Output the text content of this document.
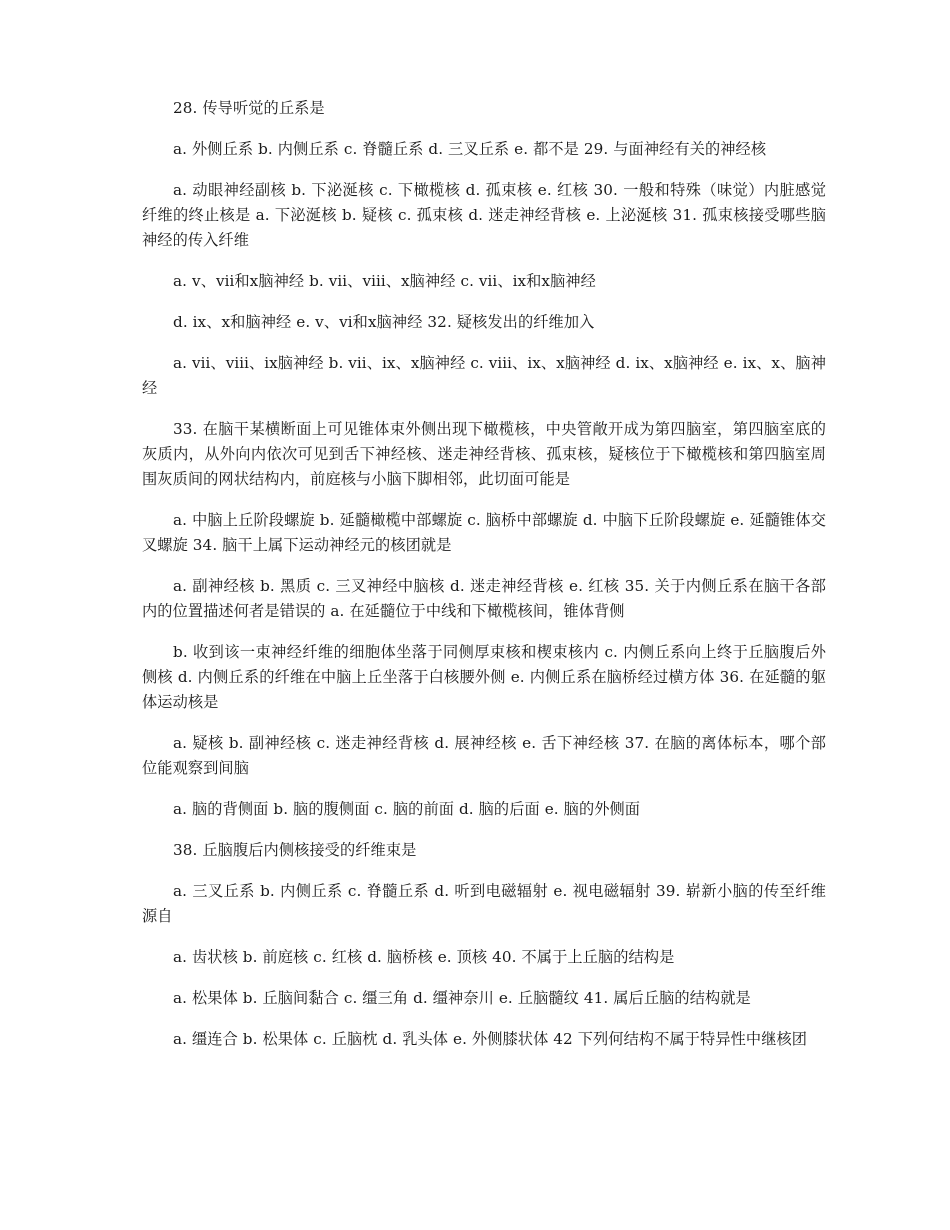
28. 传导听觉的丘系是

a. 外侧丘系 b. 内侧丘系 c. 脊髓丘系 d. 三叉丘系 e. 都不是 29. 与面神经有关的神经核

a. 动眼神经副核 b. 下泌涎核 c. 下橄榄核 d. 孤束核 e. 红核 30. 一般和特殊（味觉）内脏感觉纤维的终止核是 a. 下泌涎核 b. 疑核 c. 孤束核 d. 迷走神经背核 e. 上泌涎核 31. 孤束核接受哪些脑神经的传入纤维

a. ⅴ、ⅶ和ⅹ脑神经 b. ⅶ、ⅷ、ⅹ脑神经 c. ⅶ、ⅸ和ⅹ脑神经

d. ⅸ、ⅹ和脑神经 e. ⅴ、ⅵ和ⅹ脑神经 32. 疑核发出的纤维加入

a. ⅶ、ⅷ、ⅸ脑神经 b. ⅶ、ⅸ、ⅹ脑神经 c. ⅷ、ⅸ、ⅹ脑神经 d. ⅸ、ⅹ脑神经 e. ⅸ、ⅹ、脑神经

33. 在脑干某横断面上可见锥体束外侧出现下橄榄核，中央管敞开成为第四脑室，第四脑室底的灰质内，从外向内依次可见到舌下神经核、迷走神经背核、孤束核，疑核位于下橄榄核和第四脑室周围灰质间的网状结构内，前庭核与小脑下脚相邻，此切面可能是

a. 中脑上丘阶段螺旋 b. 延髓橄榄中部螺旋 c. 脑桥中部螺旋 d. 中脑下丘阶段螺旋 e. 延髓锥体交叉螺旋 34. 脑干上属下运动神经元的核团就是

a. 副神经核 b. 黑质 c. 三叉神经中脑核 d. 迷走神经背核 e. 红核 35. 关于内侧丘系在脑干各部内的位置描述何者是错误的 a. 在延髓位于中线和下橄榄核间，锥体背侧

b. 收到该一束神经纤维的细胞体坐落于同侧厚束核和楔束核内 c. 内侧丘系向上终于丘脑腹后外侧核 d. 内侧丘系的纤维在中脑上丘坐落于白核腰外侧 e. 内侧丘系在脑桥经过横方体 36. 在延髓的躯体运动核是

a. 疑核 b. 副神经核 c. 迷走神经背核 d. 展神经核 e. 舌下神经核 37. 在脑的离体标本，哪个部位能观察到间脑

a. 脑的背侧面 b. 脑的腹侧面 c. 脑的前面 d. 脑的后面 e. 脑的外侧面

38. 丘脑腹后内侧核接受的纤维束是

a. 三叉丘系 b. 内侧丘系 c. 脊髓丘系 d. 听到电磁辐射 e. 视电磁辐射 39. 崭新小脑的传至纤维源自

a. 齿状核 b. 前庭核 c. 红核 d. 脑桥核 e. 顶核 40. 不属于上丘脑的结构是

a. 松果体 b. 丘脑间黏合 c. 缰三角 d. 缰神奈川 e. 丘脑髓纹 41. 属后丘脑的结构就是

a. 缰连合 b. 松果体 c. 丘脑枕 d. 乳头体 e. 外侧膝状体 42 下列何结构不属于特异性中继核团
